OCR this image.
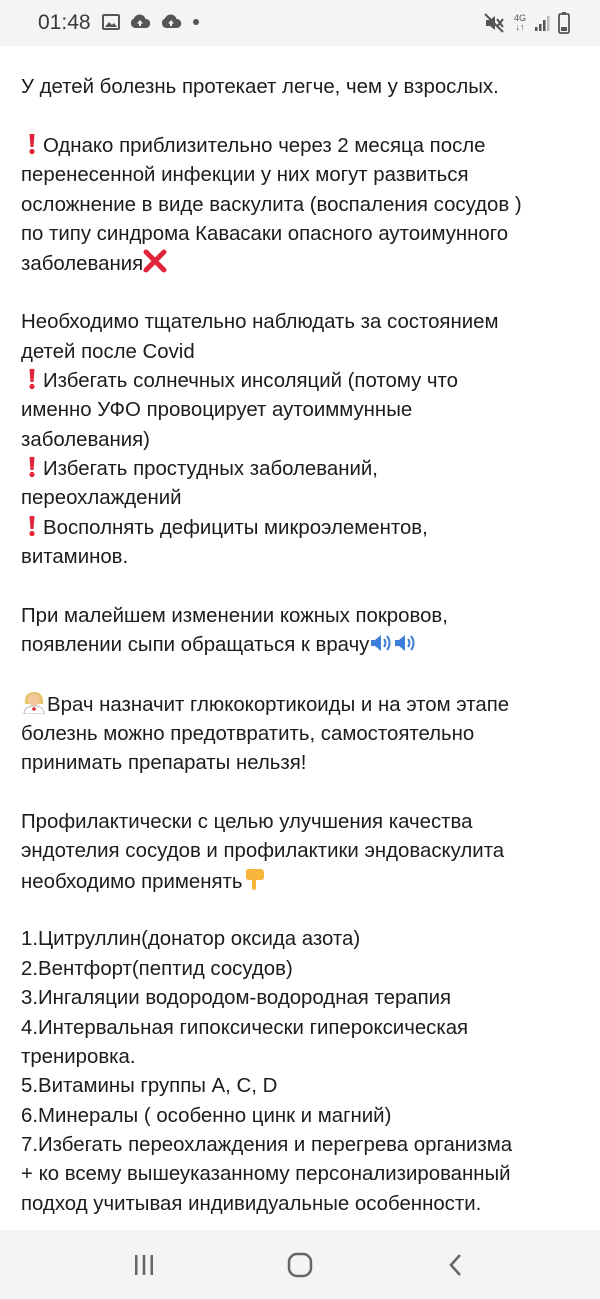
01:48	4G
↓↑
У детей болезнь протекает легче, чем у взрослых.
Однако приблизительно через 2 месяца после
перенесенной инфекции у них могут развиться
осложнение в виде васкулита (воспаления сосудов )
по типу синдрома Кавасаки опасного аутоимунного
заболевания
Необходимо тщательно наблюдать за состоянием
детей после Covid
Избегать солнечных инсоляций (потому что
именно УФО провоцирует аутоиммунные
заболевания)
Избегать простудных заболеваний,
переохлаждений
Восполнять дефициты микроэлементов,
витаминов.
При малейшем изменении кожных покровов,
появлении сыпи обращаться к врачу
Врач назначит глюкокортикоиды и на этом этапе
болезнь можно предотвратить, самостоятельно
принимать препараты нельзя!
Профилактически с целью улучшения качества
эндотелия сосудов и профилактики эндоваскулита
необходимо применять
1.Цитруллин(донатор оксида азота)
2.Вентфорт(пептид сосудов)
3.Ингаляции водородом-водородная терапия
4.Интервальная гипоксически гипероксическая
тренировка.
5.Витамины группы А, С, D
6.Минералы ( особенно цинк и магний)
7.Избегать переохлаждения и перегрева организма
+ ко всему вышеуказанному персонализированный
подход учитывая индивидуальные особенности.
